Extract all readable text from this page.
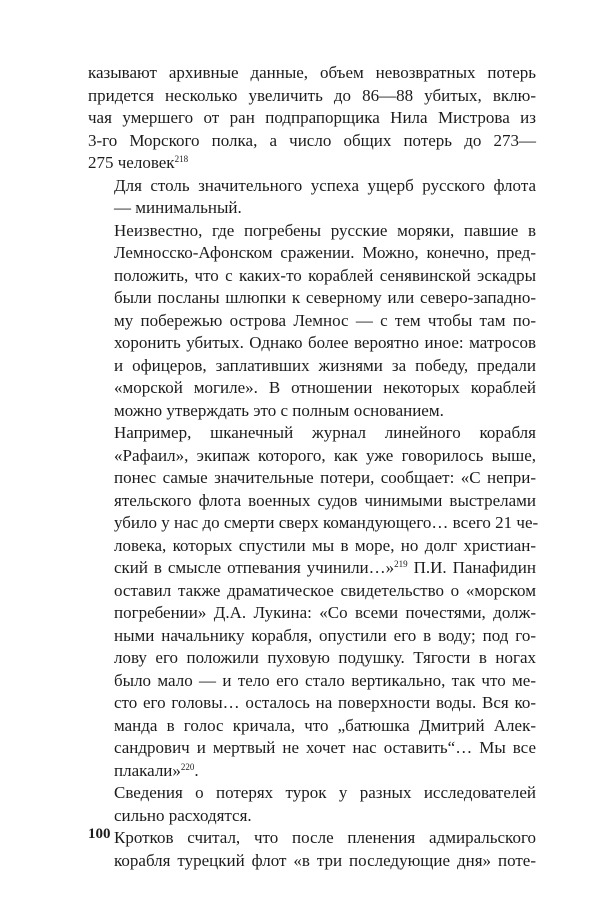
казывают архивные данные, объем невозвратных потерь
придется несколько увеличить до 86—88 убитых, вклю-
чая умершего от ран подпрапорщика Нила Мистрова из
3-го Морского полка, а число общих потерь до 273—
275 человек$^{218}$

Для столь значительного успеха ущерб русского флота
— минимальный.

Неизвестно, где погребены русские моряки, павшие в
Лемносско-Афонском сражении. Можно, конечно, пред-
положить, что с каких-то кораблей сенявинской эскадры
были посланы шлюпки к северному или северо-западно-
му побережью острова Лемнос — с тем чтобы там по-
хоронить убитых. Однако более вероятно иное: матросов
и офицеров, заплативших жизнями за победу, предали
«морской могиле». В отношении некоторых кораблей
можно утверждать это с полным основанием.

Например, шканечный журнал линейного корабля
«Рафаил», экипаж которого, как уже говорилось выше,
понес самые значительные потери, сообщает: «С непри-
ятельского флота военных судов чинимыми выстрелами
убило у нас до смерти сверх командующего… всего 21 че-
ловека, которых спустили мы в море, но долг христиан-
ский в смысле отпевания учинили…»$^{219}$ П.И. Панафидин
оставил также драматическое свидетельство о «морском
погребении» Д.А. Лукина: «Со всеми почестями, долж-
ными начальнику корабля, опустили его в воду; под го-
лову его положили пуховую подушку. Тягости в ногах
было мало — и тело его стало вертикально, так что ме-
сто его головы… осталось на поверхности воды. Вся ко-
манда в голос кричала, что „батюшка Дмитрий Алек-
сандрович и мертвый не хочет нас оставить“… Мы все
плакали»$^{220}$.

Сведения о потерях турок у разных исследователей
сильно расходятся.

Кротков считал, что после пленения адмиральского
корабля турецкий флот «в три последующие дня» поте-

100
